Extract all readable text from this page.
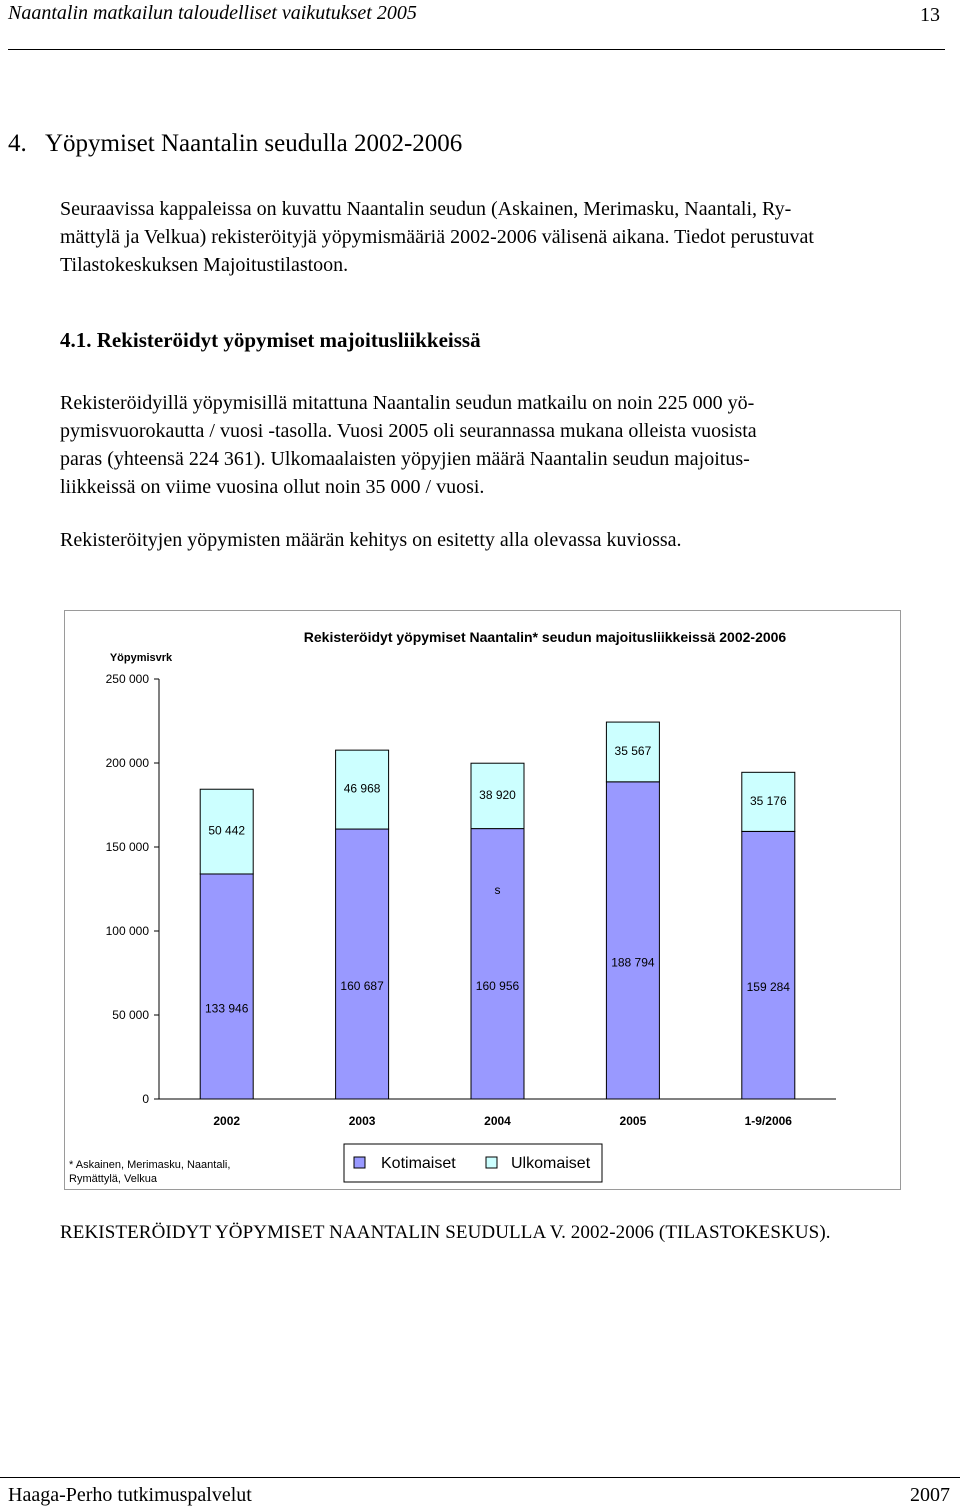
Naantalin matkailun taloudelliset vaikutukset 2005	13
4. Yöpymiset Naantalin seudulla 2002-2006
Seuraavissa kappaleissa on kuvattu Naantalin seudun (Askainen, Merimasku, Naantali, Ry-
mättylä ja Velkua) rekisteröityjä yöpymismääriä 2002-2006 välisenä aikana. Tiedot perustuvat
Tilastokeskuksen Majoitustilastoon.
4.1. Rekisteröidyt yöpymiset majoitusliikkeissä
Rekisteröidyillä yöpymisillä mitattuna Naantalin seudun matkailu on noin 225 000 yö-
pymisvuorokautta / vuosi -tasolla. Vuosi 2005 oli seurannassa mukana olleista vuosista
paras (yhteensä 224 361). Ulkomaalaisten yöpyjien määrä Naantalin seudun majoitus-
liikkeissä on viime vuosina ollut noin 35 000 / vuosi.
Rekisteröityjen yöpymisten määrän kehitys on esitetty alla olevassa kuviossa.
Rekisteröidyt yöpymiset Naantalin* seudun majoitusliikkeissä 2002-2006
Yöpymisvrk
0
50 000
100 000
150 000
200 000
250 000
133 946
50 442
2002
160 687
46 968
2003
160 956
38 920
2004
188 794
35 567
2005
159 284
35 176
1-9/2006
s
* Askainen, Merimasku, Naantali,
Rymättylä, Velkua
Kotimaiset	Ulkomaiset
REKISTERÖIDYT YÖPYMISET NAANTALIN SEUDULLA V. 2002-2006 (TILASTOKESKUS).
Haaga-Perho tutkimuspalvelut	2007
